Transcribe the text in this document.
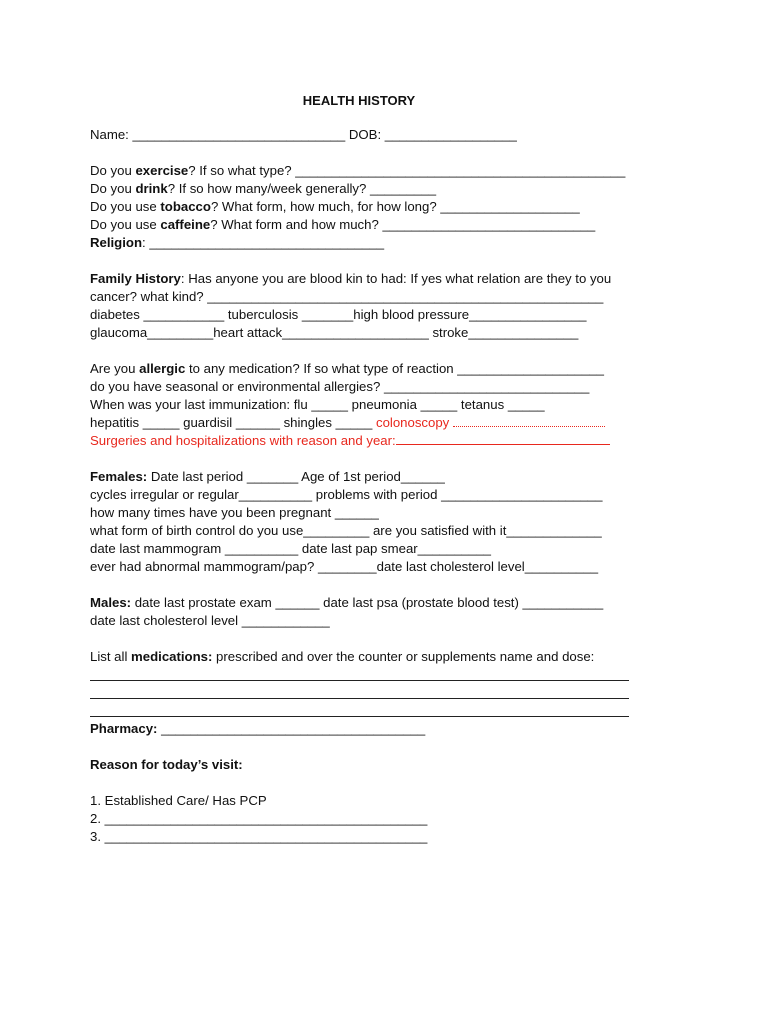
HEALTH HISTORY
Name: _____________________________ DOB: __________________
Do you exercise? If so what type? _____________________________________________
Do you drink? If so how many/week generally? _________
Do you use tobacco? What form, how much, for how long? ___________________
Do you use caffeine? What form and how much? _____________________________
Religion: ________________________________
Family History: Has anyone you are blood kin to had: If yes what relation are they to you
cancer? what kind? ______________________________________________________
diabetes ___________ tuberculosis _______high blood pressure________________
glaucoma_________heart attack____________________ stroke_______________
Are you allergic to any medication? If so what type of reaction ____________________
do you have seasonal or environmental allergies? ____________________________
When was your last immunization: flu _____ pneumonia _____ tetanus _____
hepatitis _____ guardisil ______ shingles _____ colonoscopy
Surgeries and hospitalizations with reason and year:
Females: Date last period _______ Age of 1st period______
cycles irregular or regular__________ problems with period ______________________
how many times have you been pregnant ______
what form of birth control do you use_________ are you satisfied with it_____________
date last mammogram __________ date last pap smear__________
ever had abnormal mammogram/pap? ________date last cholesterol level__________
Males: date last prostate exam ______ date last psa (prostate blood test) ___________
date last cholesterol level ____________
List all medications: prescribed and over the counter or supplements name and dose:
Pharmacy: ____________________________________
Reason for today’s visit:
1. Established Care/ Has PCP
2. ____________________________________________
3. ____________________________________________
